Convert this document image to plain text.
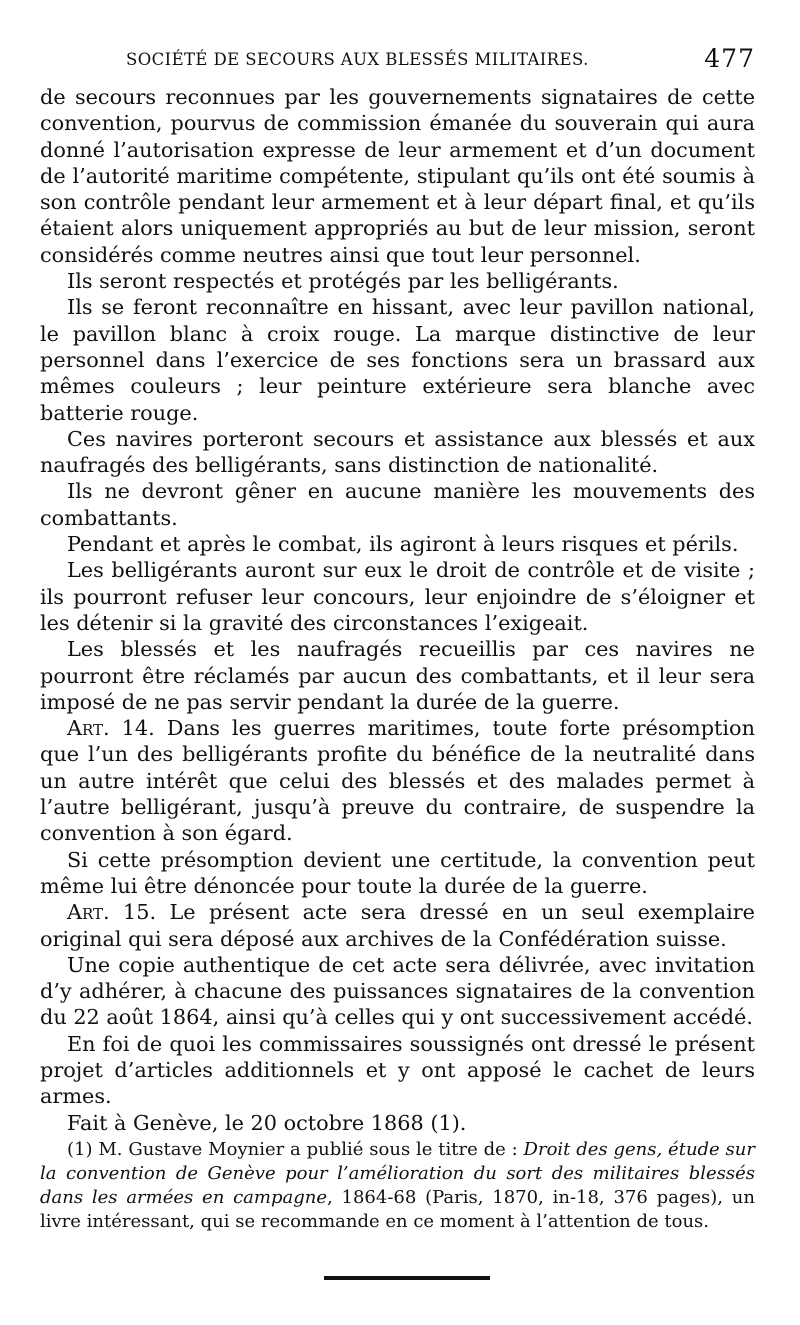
SOCIÉTÉ DE SECOURS AUX BLESSÉS MILITAIRES.	477

de secours reconnues par les gouvernements signataires de cette convention, pourvus de commission émanée du souverain qui aura donné l’autorisation expresse de leur armement et d’un document de l’autorité maritime compétente, stipulant qu’ils ont été soumis à son contrôle pendant leur armement et à leur départ final, et qu’ils étaient alors uniquement appropriés au but de leur mission, seront considérés comme neutres ainsi que tout leur personnel.

Ils seront respectés et protégés par les belligérants.

Ils se feront reconnaître en hissant, avec leur pavillon national, le pavillon blanc à croix rouge. La marque distinctive de leur personnel dans l’exercice de ses fonctions sera un brassard aux mêmes couleurs ; leur peinture extérieure sera blanche avec batterie rouge.

Ces navires porteront secours et assistance aux blessés et aux naufragés des belligérants, sans distinction de nationalité.

Ils ne devront gêner en aucune manière les mouvements des combattants.

Pendant et après le combat, ils agiront à leurs risques et périls.

Les belligérants auront sur eux le droit de contrôle et de visite ; ils pourront refuser leur concours, leur enjoindre de s’éloigner et les détenir si la gravité des circonstances l’exigeait.

Les blessés et les naufragés recueillis par ces navires ne pourront être réclamés par aucun des combattants, et il leur sera imposé de ne pas servir pendant la durée de la guerre.

Art. 14. Dans les guerres maritimes, toute forte présomption que l’un des belligérants profite du bénéfice de la neutralité dans un autre intérêt que celui des blessés et des malades permet à l’autre belligérant, jusqu’à preuve du contraire, de suspendre la convention à son égard.

Si cette présomption devient une certitude, la convention peut même lui être dénoncée pour toute la durée de la guerre.

Art. 15. Le présent acte sera dressé en un seul exemplaire original qui sera déposé aux archives de la Confédération suisse.

Une copie authentique de cet acte sera délivrée, avec invitation d’y adhérer, à chacune des puissances signataires de la convention du 22 août 1864, ainsi qu’à celles qui y ont successivement accédé.

En foi de quoi les commissaires soussignés ont dressé le présent projet d’articles additionnels et y ont apposé le cachet de leurs armes.

Fait à Genève, le 20 octobre 1868 (1).

(1) M. Gustave Moynier a publié sous le titre de : Droit des gens, étude sur la convention de Genève pour l’amélioration du sort des militaires blessés dans les armées en campagne, 1864-68 (Paris, 1870, in-18, 376 pages), un livre intéressant, qui se recommande en ce moment à l’attention de tous.
